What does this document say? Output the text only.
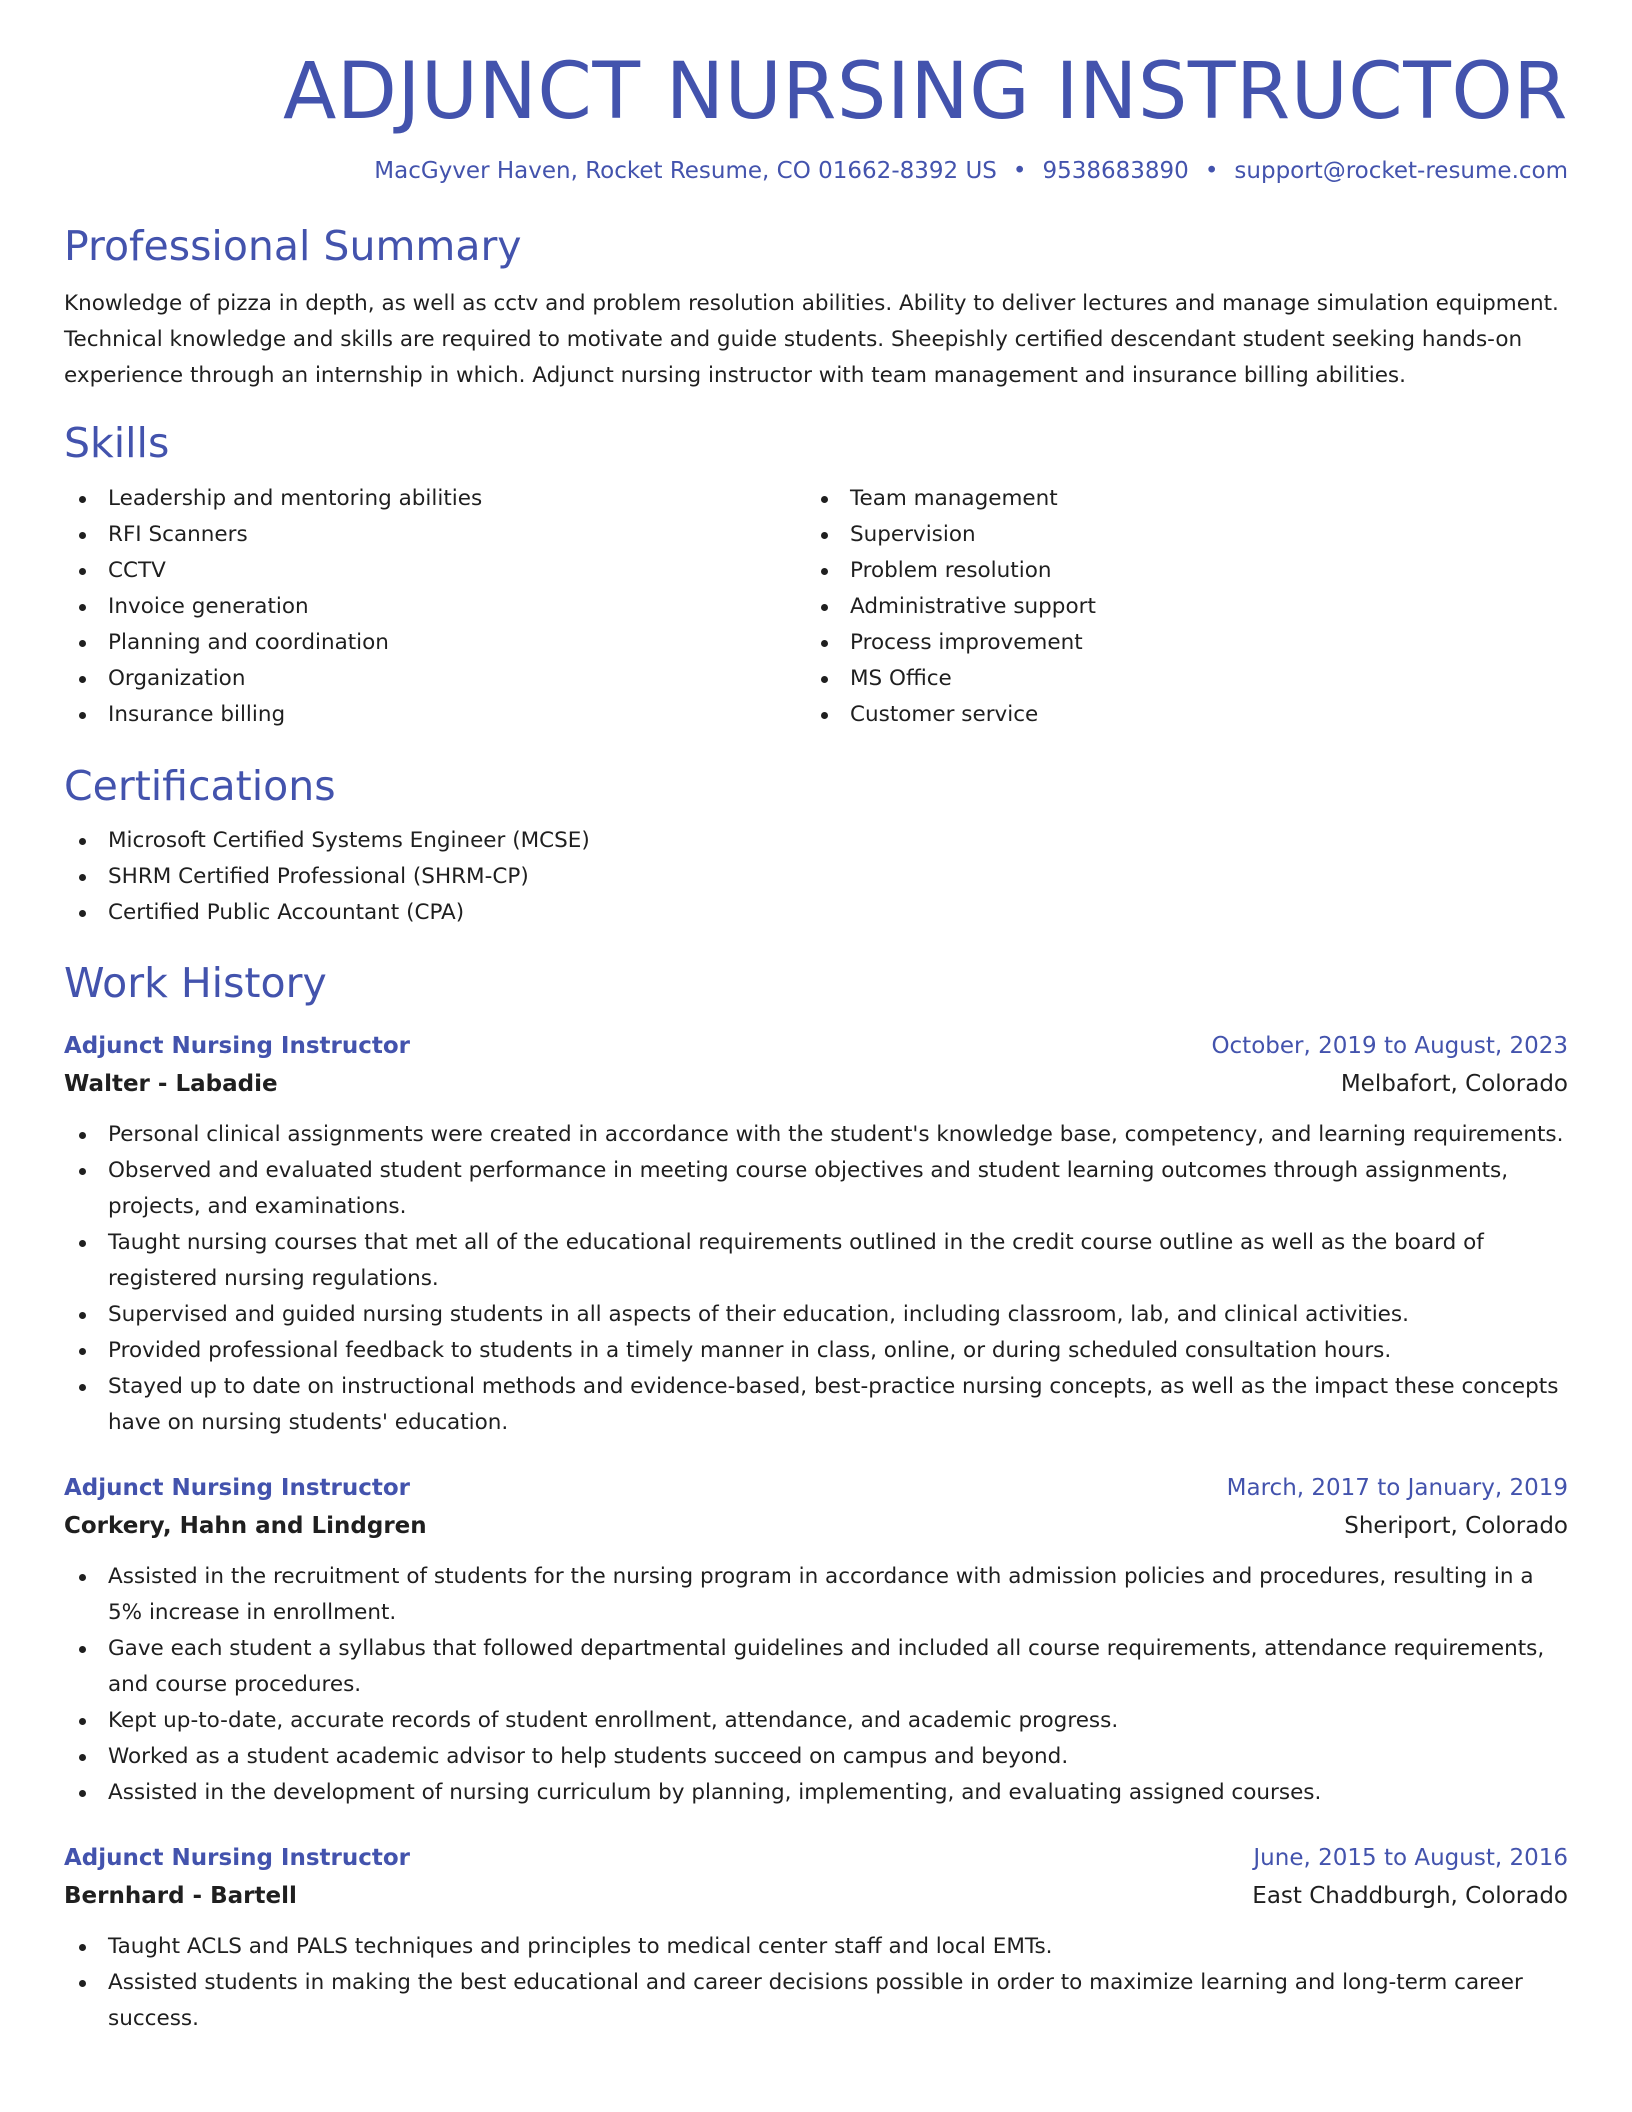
ADJUNCT NURSING INSTRUCTOR
MacGyver Haven, Rocket Resume, CO 01662-8392 US • 9538683890 • support@rocket-resume.com
Professional Summary

Knowledge of pizza in depth, as well as cctv and problem resolution abilities. Ability to deliver lectures and manage simulation equipment. Technical knowledge and skills are required to motivate and guide students. Sheepishly certified descendant student seeking hands-on experience through an internship in which. Adjunct nursing instructor with team management and insurance billing abilities.

Skills
Leadership and mentoring abilities
RFI Scanners
CCTV
Invoice generation
Planning and coordination
Organization
Insurance billing
Team management
Supervision
Problem resolution
Administrative support
Process improvement
MS Office
Customer service
Certifications
Microsoft Certified Systems Engineer (MCSE)
SHRM Certified Professional (SHRM-CP)
Certified Public Accountant (CPA)
Work History
Adjunct Nursing Instructor	October, 2019 to August, 2023
Walter - Labadie	Melbafort, Colorado
Personal clinical assignments were created in accordance with the student's knowledge base, competency, and learning requirements.
Observed and evaluated student performance in meeting course objectives and student learning outcomes through assignments, projects, and examinations.
Taught nursing courses that met all of the educational requirements outlined in the credit course outline as well as the board of registered nursing regulations.
Supervised and guided nursing students in all aspects of their education, including classroom, lab, and clinical activities.
Provided professional feedback to students in a timely manner in class, online, or during scheduled consultation hours.
Stayed up to date on instructional methods and evidence-based, best-practice nursing concepts, as well as the impact these concepts have on nursing students' education.
Adjunct Nursing Instructor	March, 2017 to January, 2019
Corkery, Hahn and Lindgren	Sheriport, Colorado
Assisted in the recruitment of students for the nursing program in accordance with admission policies and procedures, resulting in a 5% increase in enrollment.
Gave each student a syllabus that followed departmental guidelines and included all course requirements, attendance requirements, and course procedures.
Kept up-to-date, accurate records of student enrollment, attendance, and academic progress.
Worked as a student academic advisor to help students succeed on campus and beyond.
Assisted in the development of nursing curriculum by planning, implementing, and evaluating assigned courses.
Adjunct Nursing Instructor	June, 2015 to August, 2016
Bernhard - Bartell	East Chaddburgh, Colorado
Taught ACLS and PALS techniques and principles to medical center staff and local EMTs.
Assisted students in making the best educational and career decisions possible in order to maximize learning and long-term career success.
